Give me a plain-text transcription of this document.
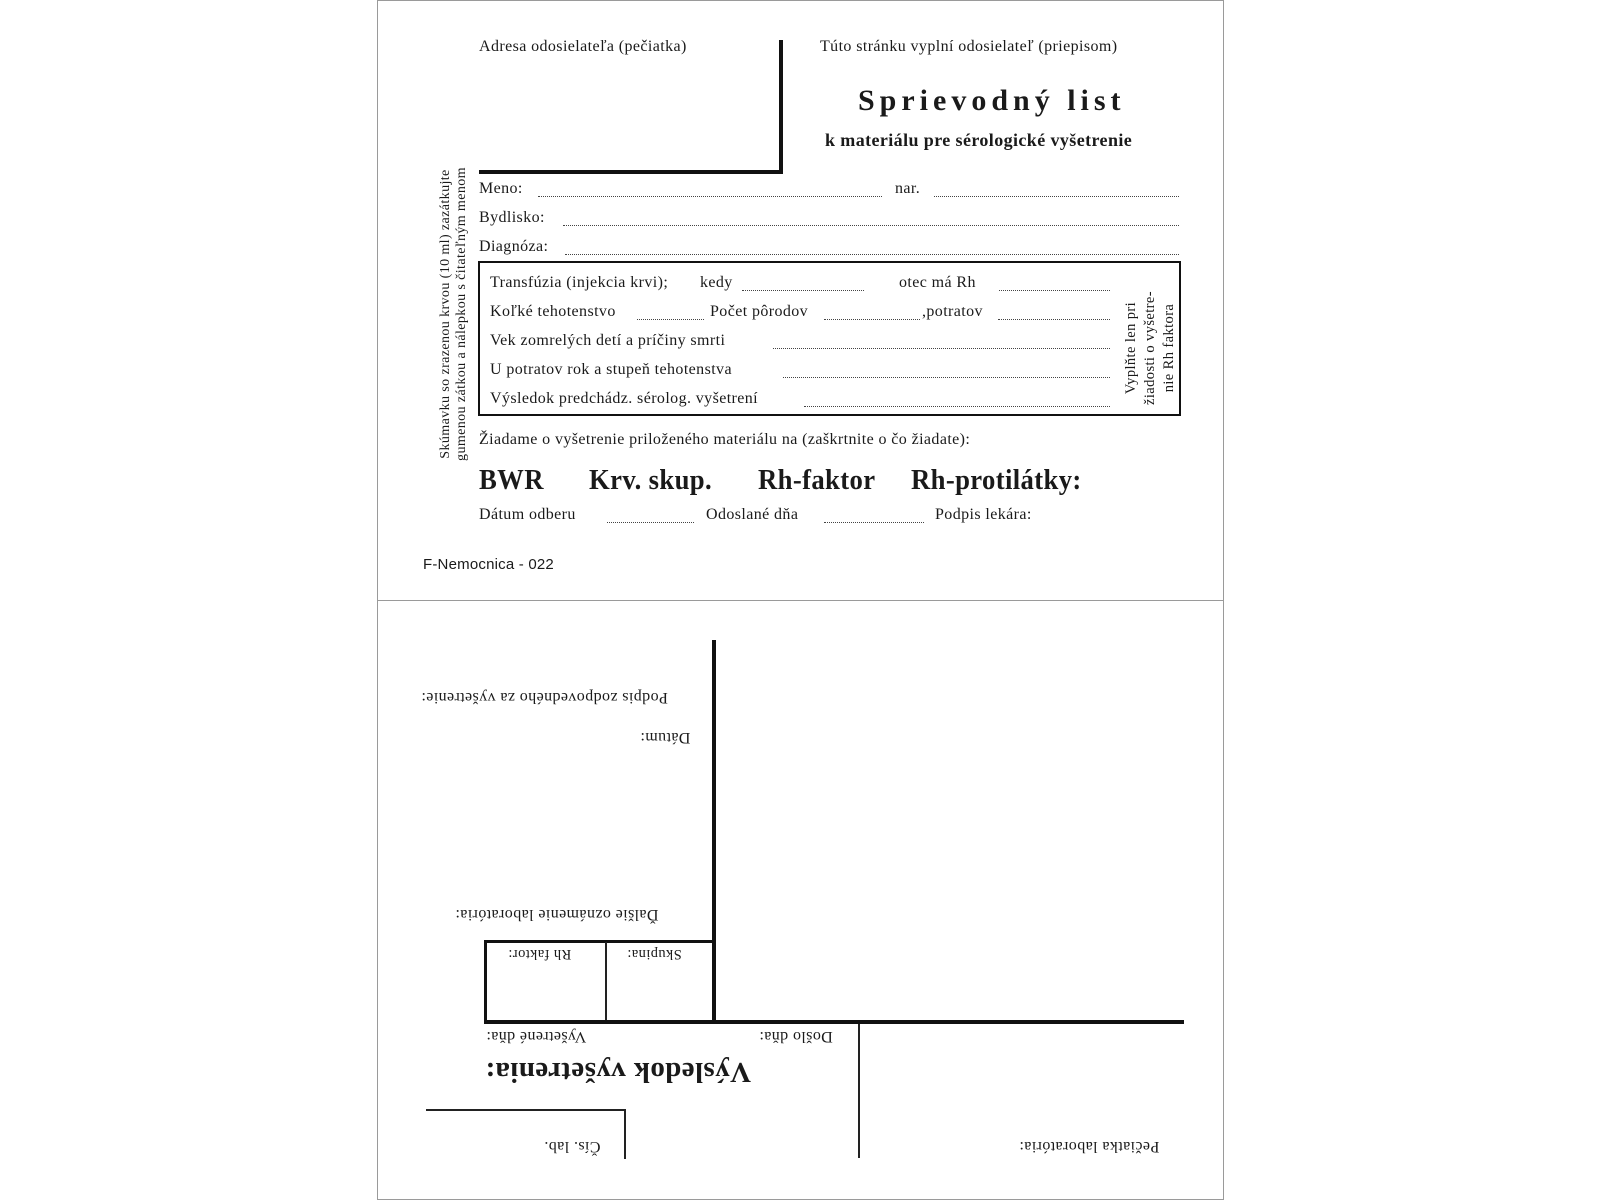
Adresa odosielateľa (pečiatka)	Túto stránku vyplní odosielateľ (priepisom)
Sprievodný list
k materiálu pre sérologické vyšetrenie
Skúmavku so zrazenou krvou (10 ml) zazátkujte gumenou zátkou a nálepkou s čitateľným menom Meno:	nar.
Bydlisko:
Diagnóza:
Transfúzia (injekcia krvi); kedy	otec má Rh
Koľké tehotenstvo	Počet pôrodov	,potratov
Vek zomrelých detí a príčiny smrti
U potratov rok a stupeň tehotenstva
Výsledok predchádz. sérolog. vyšetrení
Vyplňte len pri žiadosti o vyšetre- nie Rh faktora
Žiadame o vyšetrenie priloženého materiálu na (zaškrtnite o čo žiadate):
BWR Krv. skup. Rh-faktor Rh-protilátky:
Dátum odberu	Odoslané dňa	Podpis lekára:
F-Nemocnica - 022
Podpis zodpovedného za vyšetrenie:
Dátum:
Ďalšie oznámenie laboratória:
Skupina:
Rh faktor:
Došlo dňa:
Vyšetrené dňa:
Výsledok vyšetrenia:
Pečiatka laboratória:
Čís. lab.
